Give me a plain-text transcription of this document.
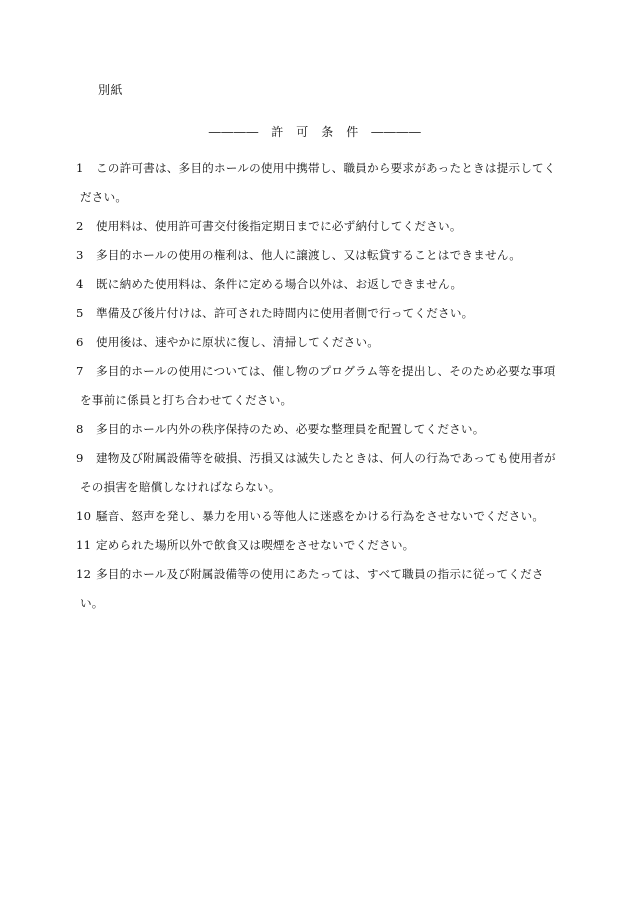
別紙
――――　許　可　条　件　――――
1	この許可書は、多目的ホールの使用中携帯し、職員から要求があったときは提示してく
ださい。
2	使用料は、使用許可書交付後指定期日までに必ず納付してください。
3	多目的ホールの使用の権利は、他人に譲渡し、又は転貸することはできません。
4	既に納めた使用料は、条件に定める場合以外は、お返しできません。
5	準備及び後片付けは、許可された時間内に使用者側で行ってください。
6	使用後は、速やかに原状に復し、清掃してください。
7	多目的ホールの使用については、催し物のプログラム等を提出し、そのため必要な事項
を事前に係員と打ち合わせてください。
8	多目的ホール内外の秩序保持のため、必要な整理員を配置してください。
9	建物及び附属設備等を破損、汚損又は滅失したときは、何人の行為であっても使用者が
その損害を賠償しなければならない。
10 騒音、怒声を発し、暴力を用いる等他人に迷惑をかける行為をさせないでください。
11 定められた場所以外で飲食又は喫煙をさせないでください。
12 多目的ホール及び附属設備等の使用にあたっては、すべて職員の指示に従ってくださ
い。
